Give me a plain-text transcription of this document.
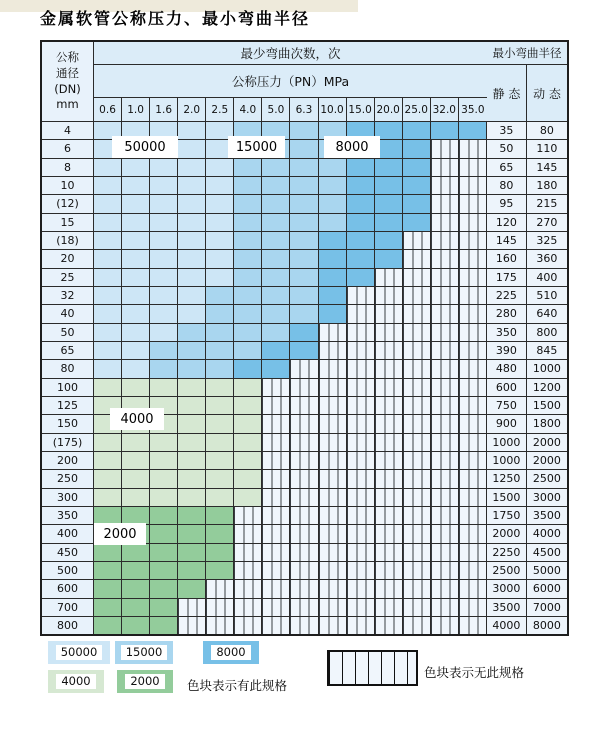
金属软管公称压力、最小弯曲半径
公称
通径
(DN)
mm
最少弯曲次数，次
公称压力（PN）MPa
0.6	1.0	1.6	2.0	2.5	4.0	5.0	6.3 10.0 15.0 20.0 25.0 32.0 35.0
最小弯曲半径
静 态	动 态
4	35	80
6	50	110
8	65	145
10	80	180
(12)	95	215
15	120	270
(18)	145	325
20	160	360
25	175	400
32	225	510
40	280	640
50	350	800
65	390	845
80	480	1000
100	600	1200
125	750	1500
150	900	1800
(175)	1000	2000
200	1000	2000
250	1250	2500
300	1500	3000
350	1750	3500
400	2000	4000
450	2250	4500
500	2500	5000
600	3000	6000
700	3500	7000
800	4000	8000
50000	15000	8000
4000
2000
色块表示有此规格
色块表示无此规格
50000	15000	8000
4000	2000
